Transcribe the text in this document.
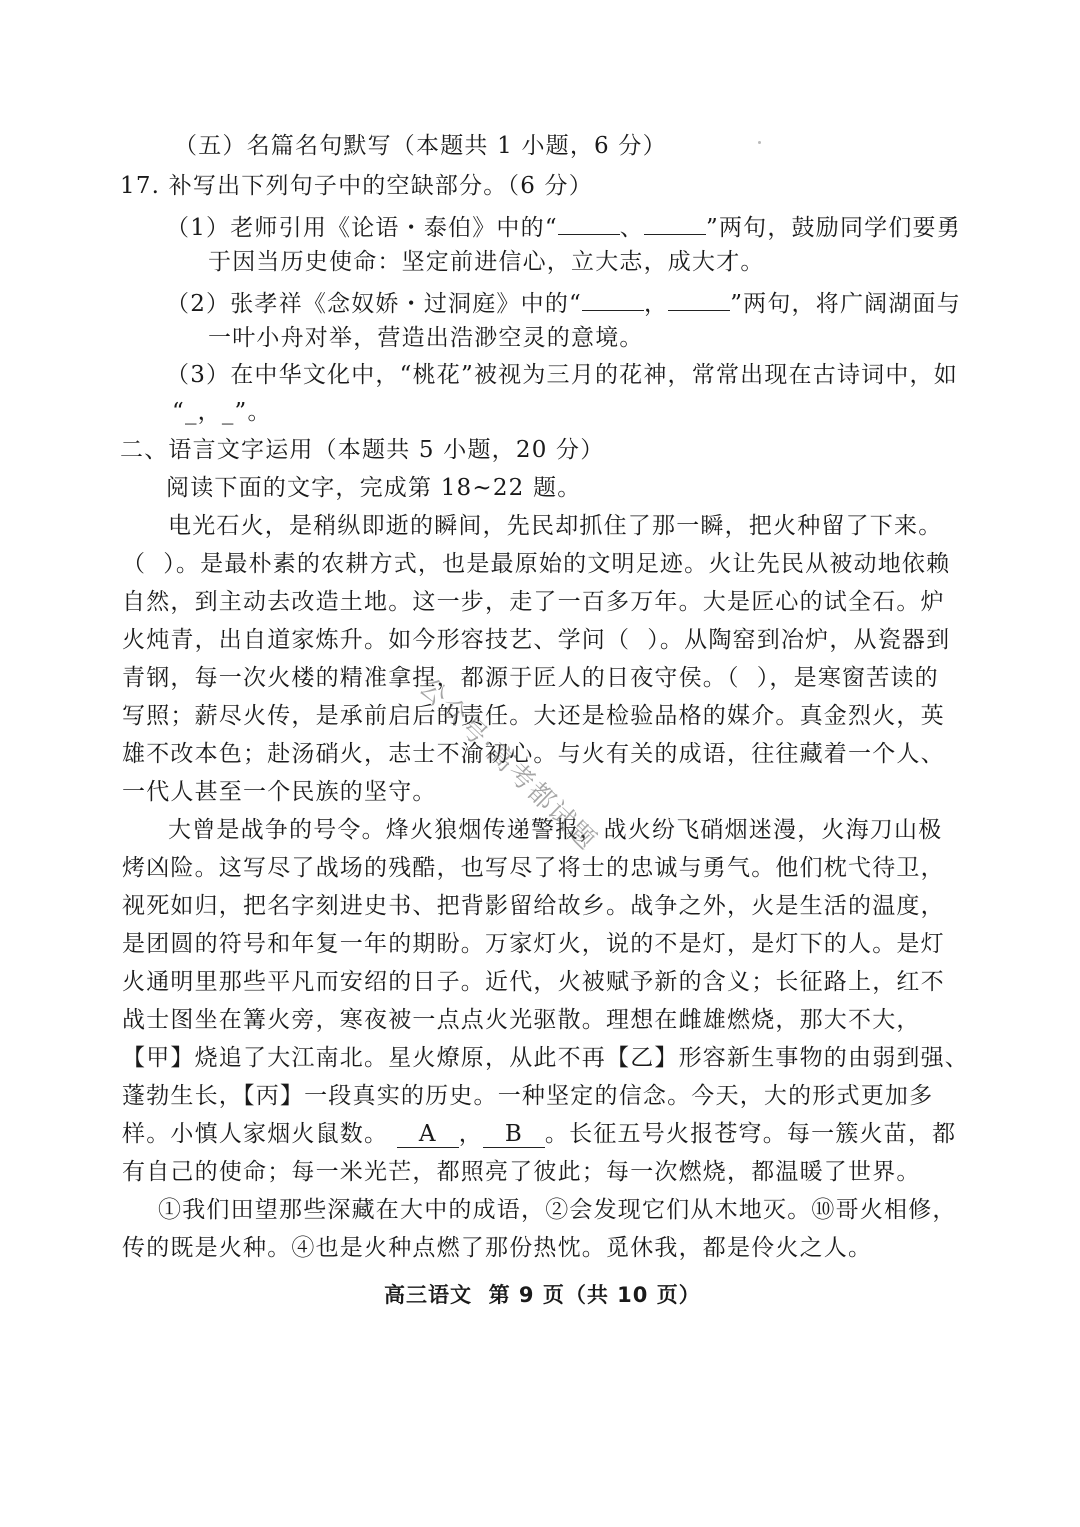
（五）名篇名句默写（本题共 1 小题，6 分）
17. 补写出下列句子中的空缺部分。（6 分）
（1）老师引用《论语・泰伯》中的“	、	”两句，鼓励同学们要勇
于因当历史使命：坚定前进信心，立大志，成大才。
（2）张孝祥《念奴娇・过洞庭》中的“	，	”两句，将广阔湖面与
一叶小舟对举，营造出浩渺空灵的意境。
（3）在中华文化中，“桃花”被视为三月的花神，常常出现在古诗词中，如
“_，_”。
二、语言文字运用（本题共 5 小题，20 分）
阅读下面的文字，完成第 18~22 题。
电光石火，是稍纵即逝的瞬间，先民却抓住了那一瞬，把火种留了下来。
（  ）。是最朴素的农耕方式，也是最原始的文明足迹。火让先民从被动地依赖
自然，到主动去改造土地。这一步，走了一百多万年。大是匠心的试全石。炉
火炖青，出自道家炼升。如今形容技艺、学问（  ）。从陶窑到冶炉，从瓷器到
青钢，每一次火楼的精准拿捏，都源于匠人的日夜守侯。（  ），是寒窗苦读的
写照；薪尽火传，是承前启后的责任。大还是检验品格的媒介。真金烈火，英
雄不改本色；赴汤硝火，志士不渝初心。与火有关的成语，往往藏着一个人、
一代人甚至一个民族的坚守。
大曾是战争的号令。烽火狼烟传递警报，战火纷飞硝烟迷漫，火海刀山极
烤凶险。这写尽了战场的残酷，也写尽了将士的忠诚与勇气。他们枕弋待卫，
视死如归，把名字刻进史书、把背影留给故乡。战争之外，火是生活的温度，
是团圆的符号和年复一年的期盼。万家灯火，说的不是灯，是灯下的人。是灯
火通明里那些平凡而安绍的日子。近代，火被赋予新的含义；长征路上，红不
战士图坐在篝火旁，寒夜被一点点火光驱散。理想在雌雄燃烧，那大不大，
【甲】烧追了大江南北。星火燎原，从此不再【乙】形容新生事物的由弱到强、
蓬勃生长，【丙】一段真实的历史。一种坚定的信念。今天，大的形式更加多
样。小慎人家烟火鼠数。 A ， B 。长征五号火报苍穹。每一簇火苗，都
有自己的使命；每一米光芒，都照亮了彼此；每一次燃烧，都温暖了世界。
①我们田望那些深藏在大中的成语，②会发现它们从木地灭。⑩哥火相修，
传的既是火种。④也是火种点燃了那份热忱。觅休我，都是伶火之人。
高三语文  第 9 页（共 10 页）
公众号·高考都试题
